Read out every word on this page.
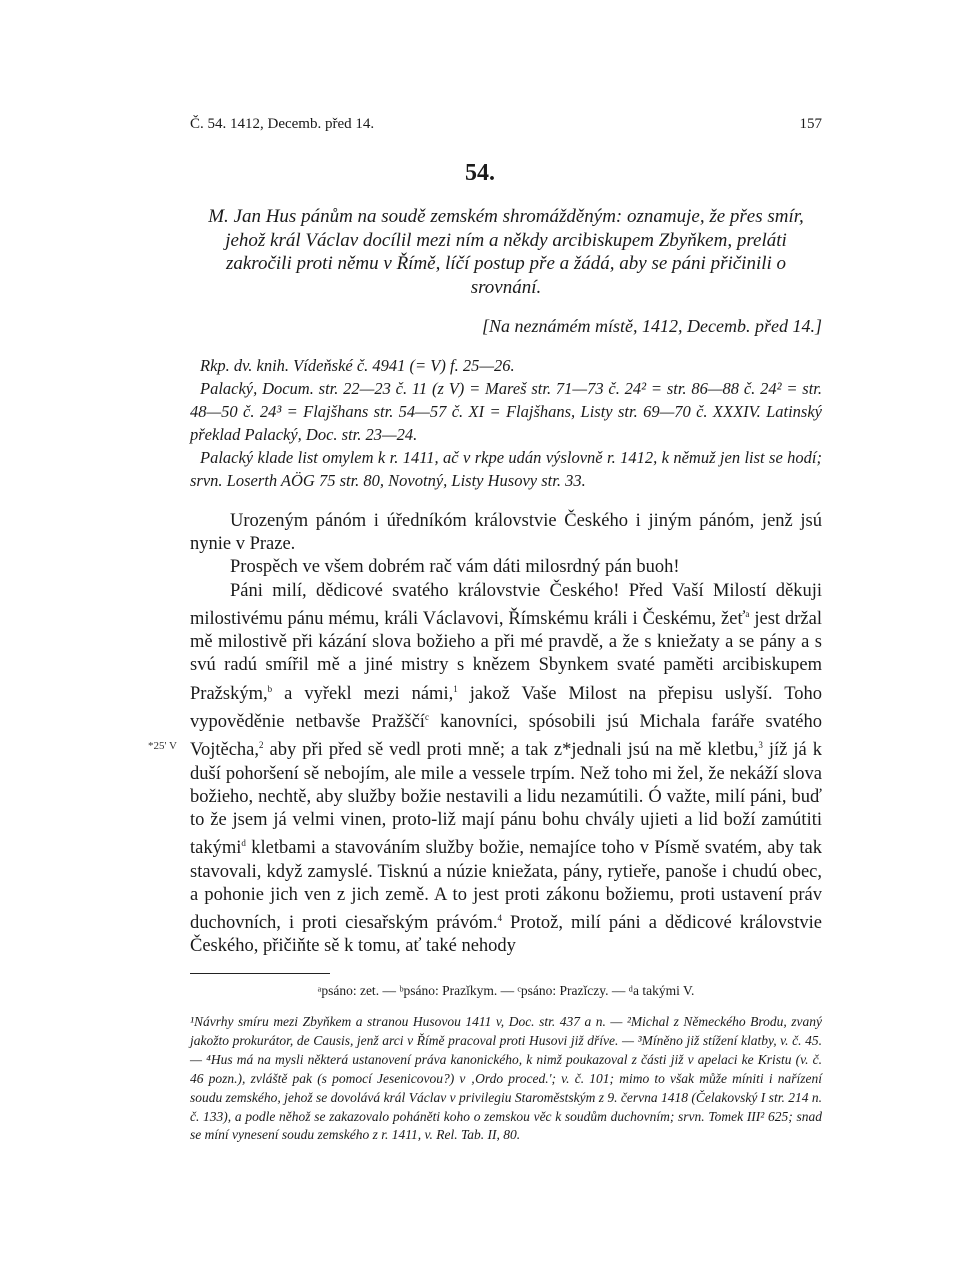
Č. 54. 1412, Decemb. před 14.	157
54.
M. Jan Hus pánům na soudě zemském shromážděným: oznamuje, že přes smír, jehož král Václav docílil mezi ním a někdy arcibiskupem Zbyňkem, preláti zakročili proti němu v Římě, líčí postup pře a žádá, aby se páni přičinili o srovnání.
[Na neznámém místě, 1412, Decemb. před 14.]

Rkp. dv. knih. Vídeňské č. 4941 (= V) f. 25—26.

Palacký, Docum. str. 22—23 č. 11 (z V) = Mareš str. 71—73 č. 24² = str. 86—88 č. 24² = str. 48—50 č. 24³ = Flajšhans str. 54—57 č. XI = Flajšhans, Listy str. 69—70 č. XXXIV. Latinský překlad Palacký, Doc. str. 23—24.

Palacký klade list omylem k r. 1411, ač v rkpe udán výslovně r. 1412, k němuž jen list se hodí; srvn. Loserth AÖG 75 str. 80, Novotný, Listy Husovy str. 33.

Urozeným pánóm i úředníkóm královstvie Českého i jiným pánóm, jenž jsú nynie v Praze.

Prospěch ve všem dobrém rač vám dáti milosrdný pán buoh!

Páni milí, dědicové svatého královstvie Českého! Před Vaší Milostí děkuji milostivému pánu mému, králi Václavovi, Římskému králi i Českému, žeť$^a$ jest držal mě milostivě při kázání slova božieho a při mé pravdě, a že s kniežaty a se pány a s svú radú smířil mě a jiné mistry s knězem Sbynkem svaté paměti arcibiskupem Pražským,$^b$ a vyřekl mezi námi,$^1$ jakož Vaše Milost na přepisu uslyší. Toho vypověděnie netbavše Pražščí$^c$ kanovníci, spósobili jsú Michala faráře svatého Vojtěcha,$^2$ aby při před sě vedl proti mně; a tak z*jednali jsú na mě kletbu,$^3$ jíž já k duší pohoršení sě nebojím, ale mile a vessele trpím. Než toho mi žel, že nekáží slova božieho, nechtě, aby služby božie nestavili a lidu nezamútili. Ó važte, milí páni, buď to že jsem já velmi vinen, proto-liž mají pánu bohu chvály ujieti a lid boží zamútiti takými$^d$ kletbami a stavováním služby božie, nemajíce toho v Písmě svatém, aby tak stavovali, když zamyslé. Tisknú a núzie kniežata, pány, rytieře, panoše i chudú obec, a pohonie jich ven z jich země. A to jest proti zákonu božiemu, proti ustavení práv duchovních, i proti ciesařským právóm.$^4$ Protož, milí páni a dědicové královstvie Českého, přičiňte sě k tomu, ať také nehody

*25' V
ᵃpsáno: zet. — ᵇpsáno: Prazǐkym. — ᶜpsáno: Prazǐczy. — ᵈa takými V.
¹Návrhy smíru mezi Zbyňkem a stranou Husovou 1411 v, Doc. str. 437 a n. — ²Michal z Německého Brodu, zvaný jakožto prokurátor, de Causis, jenž arci v Římě pracoval proti Husovi již dříve. — ³Míněno již stížení klatby, v. č. 45. — ⁴Hus má na mysli některá ustanovení práva kanonického, k nimž poukazoval z části již v apelaci ke Kristu (v. č. 46 pozn.), zvláště pak (s pomocí Jesenicovou?) v ‚Ordo proced.'; v. č. 101; mimo to však může míniti i nařízení soudu zemského, jehož se dovolává král Václav v privilegiu Staroměstským z 9. června 1418 (Čelakovský I str. 214 n. č. 133), a podle něhož se zakazovalo poháněti koho o zemskou věc k soudům duchovním; srvn. Tomek III² 625; snad se míní vynesení soudu zemského z r. 1411, v. Rel. Tab. II, 80.
